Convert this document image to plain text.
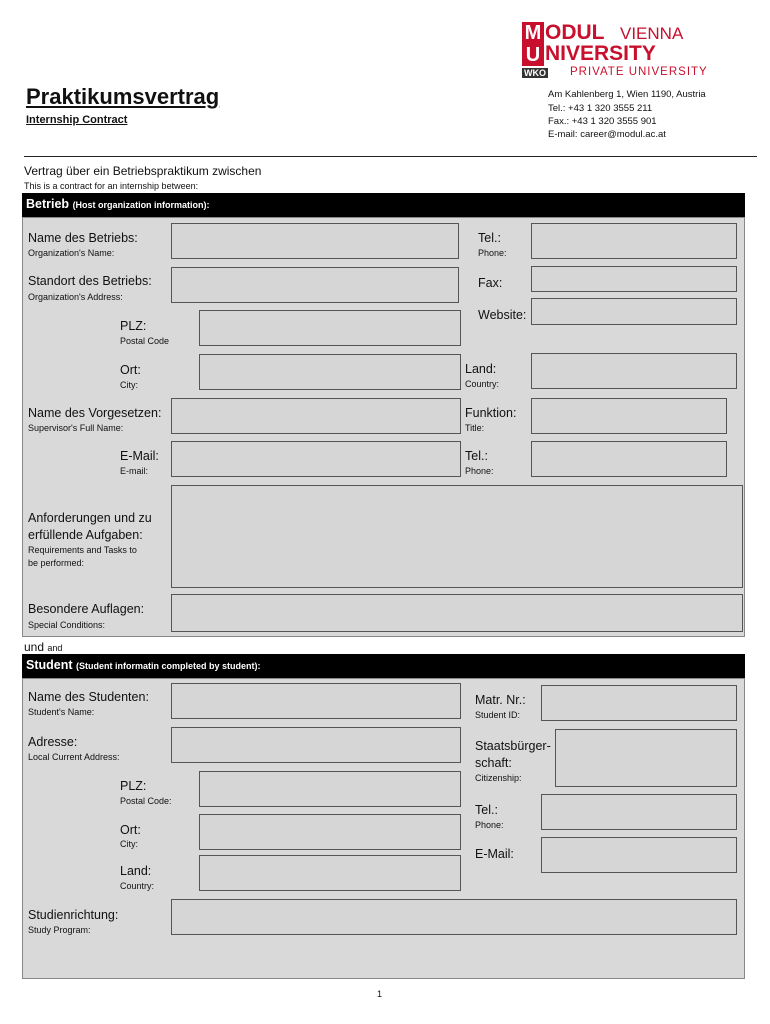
M ODUL VIENNA
U NIVERSITY
WKO PRIVATE UNIVERSITY
Praktikumsvertrag
Internship Contract
Am Kahlenberg 1, Wien 1190, Austria
Tel.: +43 1 320 3555 211
Fax.: +43 1 320 3555 901
E-mail: career@modul.ac.at
Vertrag über ein Betriebspraktikum zwischen
This is a contract for an internship between:
Betrieb (Host organization information):
Name des Betriebs:
Organization's Name:
Tel.:
Phone:
Standort des Betriebs:
Organization's Address:
Fax:
Website:
PLZ:
Postal Code
Ort:
City:
Land:
Country:
Name des Vorgesetzen:
Supervisor's Full Name:
Funktion:
Title:
E-Mail:
E-mail:
Tel.:
Phone:
Anforderungen und zu
erfüllende Aufgaben:
Requirements and Tasks to
be performed:
Besondere Auflagen:
Special Conditions:
und and
Student (Student informatin completed by student):
Name des Studenten:
Student's Name:
Matr. Nr.:
Student ID:
Adresse:
Local Current Address:
Staatsbürger-
schaft:
Citizenship:
PLZ:
Postal Code:
Tel.:
Phone:
Ort:
City:
E-Mail:
Land:
Country:
Studienrichtung:
Study Program:
1
